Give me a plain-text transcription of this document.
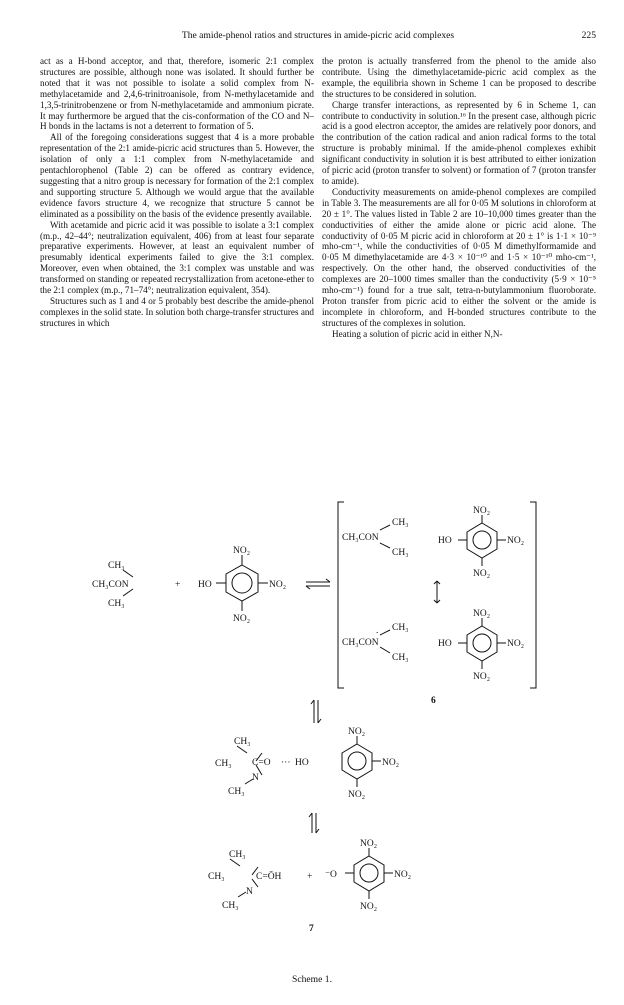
The amide-phenol ratios and structures in amide-picric acid complexes	225

act as a H-bond acceptor, and that, therefore, isomeric 2:1 complex structures are possible, although none was isolated. It should further be noted that it was not possible to isolate a solid complex from N-methylacetamide and 2,4,6-trinitroanisole, from N-methylacetamide and 1,3,5-trinitrobenzene or from N-methylacetamide and ammonium picrate. It may furthermore be argued that the cis-conformation of the CO and N–H bonds in the lactams is not a deterrent to formation of 5.

All of the foregoing considerations suggest that 4 is a more probable representation of the 2:1 amide-picric acid structures than 5. However, the isolation of only a 1:1 complex from N-methylacetamide and pentachlorophenol (Table 2) can be offered as contrary evidence, suggesting that a nitro group is necessary for formation of the 2:1 complex and supporting structure 5. Although we would argue that the available evidence favors structure 4, we recognize that structure 5 cannot be eliminated as a possibility on the basis of the evidence presently available.

With acetamide and picric acid it was possible to isolate a 3:1 complex (m.p., 42–44°; neutralization equivalent, 406) from at least four separate preparative experiments. However, at least an equivalent number of presumably identical experiments failed to give the 3:1 complex. Moreover, even when obtained, the 3:1 complex was unstable and was transformed on standing or repeated recrystallization from acetone-ether to the 2:1 complex (m.p., 71–74°; neutralization equivalent, 354).

Structures such as 1 and 4 or 5 probably best describe the amide-phenol complexes in the solid state. In solution both charge-transfer structures and structures in which

the proton is actually transferred from the phenol to the amide also contribute. Using the dimethylacetamide-picric acid complex as the example, the equilibria shown in Scheme 1 can be proposed to describe the structures to be considered in solution.

Charge transfer interactions, as represented by 6 in Scheme 1, can contribute to conductivity in solution.¹⁶ In the present case, although picric acid is a good electron acceptor, the amides are relatively poor donors, and the contribution of the cation radical and anion radical forms to the total structure is probably minimal. If the amide-phenol complexes exhibit significant conductivity in solution it is best attributed to either ionization of picric acid (proton transfer to solvent) or formation of 7 (proton transfer to amide).

Conductivity measurements on amide-phenol complexes are compiled in Table 3. The measurements are all for 0·05 M solutions in chloroform at 20 ± 1°. The values listed in Table 2 are 10–10,000 times greater than the conductivities of either the amide alone or picric acid alone. The conductivity of 0·05 M picric acid in chloroform at 20 ± 1° is 1·1 × 10⁻⁹ mho-cm⁻¹, while the conductivities of 0·05 M dimethylformamide and 0·05 M dimethylacetamide are 4·3 × 10⁻¹⁰ and 1·5 × 10⁻¹⁰ mho-cm⁻¹, respectively. On the other hand, the observed conductivities of the complexes are 20–1000 times smaller than the conductivity (5·9 × 10⁻⁵ mho-cm⁻¹) found for a true salt, tetra-n-butylammonium fluoroborate. Proton transfer from picric acid to either the solvent or the amide is incomplete in chloroform, and H-bonded structures contribute to the structures of the complexes in solution.

Heating a solution of picric acid in either N,N-

CH₃
CH₃CON
CH₃
+
NO₂
HO	NO₂
NO₂
CH₃
CH₃CON
CH₃
NO₂
HO	NO₂
NO₂
. CH₃
CH₃CON
CH₃
NO₂
HO	NO₂
NO₂
6
CH₃
CH₃ C=O ··· HO
N
CH₃
NO₂
NO₂
NO₂
CH₃
CH₃	C=ŌH
N
CH₃
+ ⁻O
NO₂
NO₂
NO₂
7
Scheme 1.
